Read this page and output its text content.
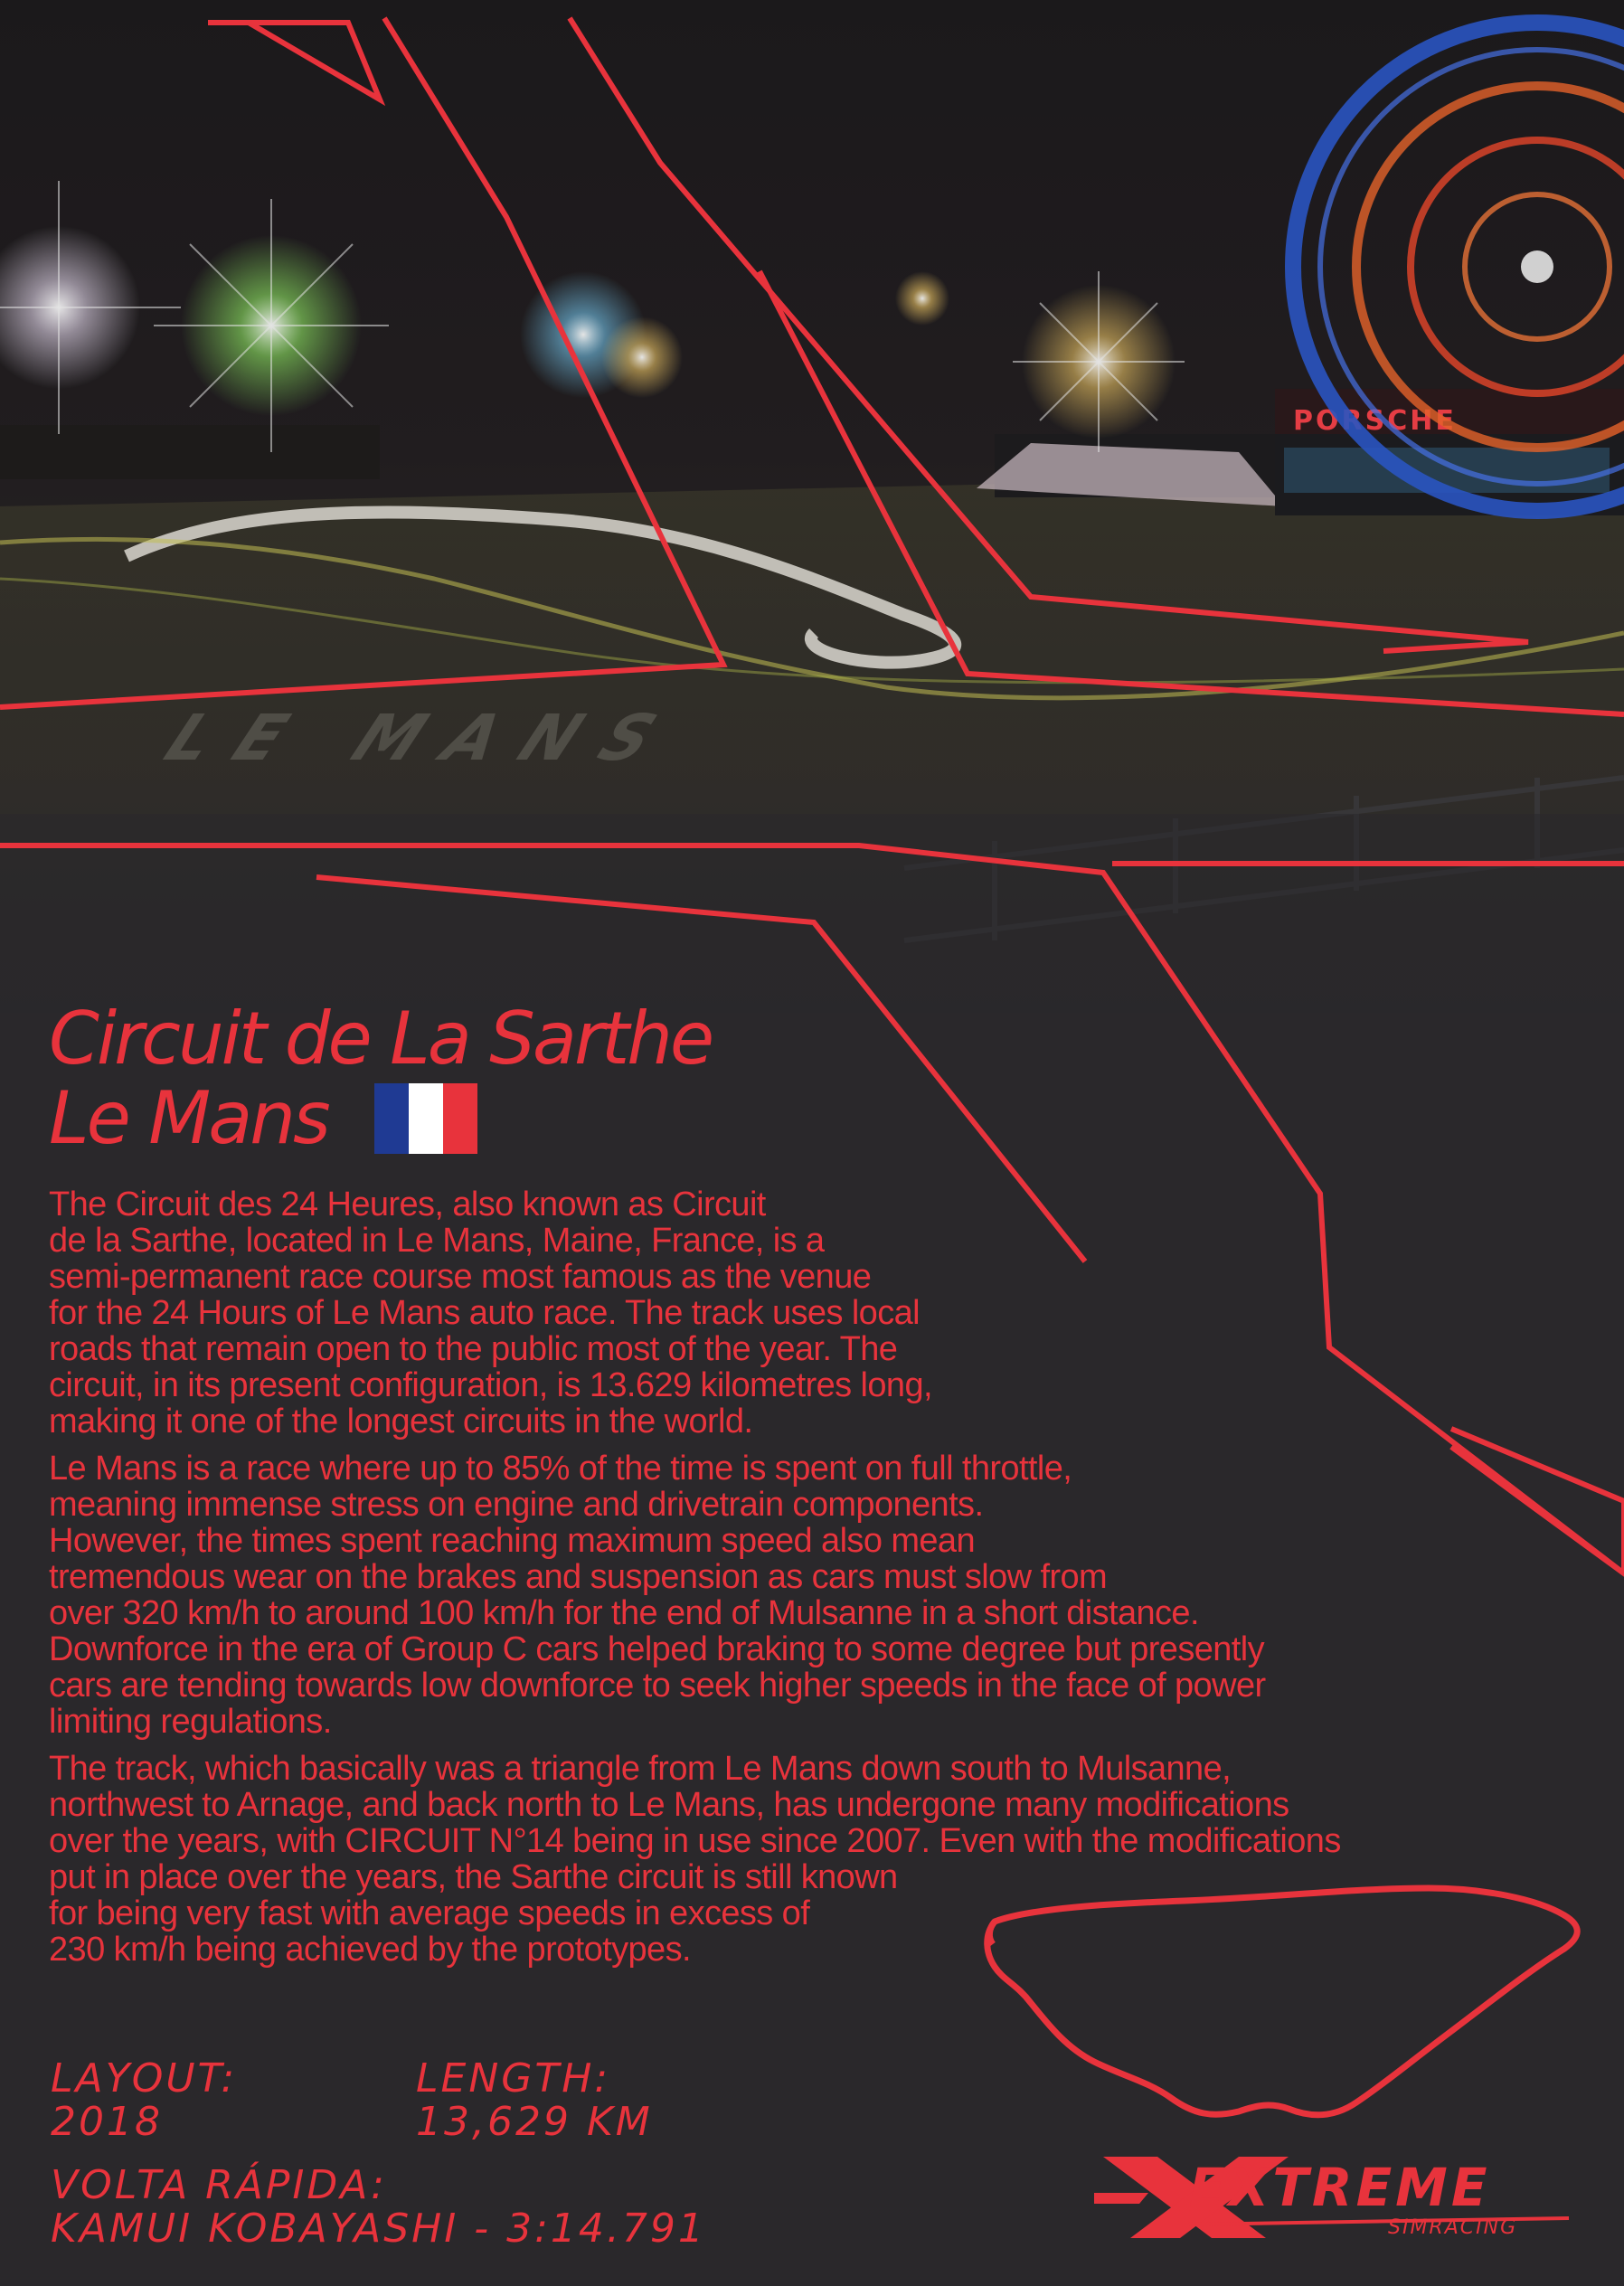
LE MANS
PORSCHE
Circuit de La Sarthe
Le Mans

The Circuit des 24 Heures, also known as Circuit
de la Sarthe, located in Le Mans, Maine, France, is a
semi-permanent race course most famous as the venue
for the 24 Hours of Le Mans auto race. The track uses local
roads that remain open to the public most of the year. The
circuit, in its present configuration, is 13.629 kilometres long,
making it one of the longest circuits in the world.

Le Mans is a race where up to 85% of the time is spent on full throttle,
meaning immense stress on engine and drivetrain components.
However, the times spent reaching maximum speed also mean
tremendous wear on the brakes and suspension as cars must slow from
over 320 km/h to around 100 km/h for the end of Mulsanne in a short distance.
Downforce in the era of Group C cars helped braking to some degree but presently
cars are tending towards low downforce to seek higher speeds in the face of power
limiting regulations.

The track, which basically was a triangle from Le Mans down south to Mulsanne,
northwest to Arnage, and back north to Le Mans, has undergone many modifications
over the years, with CIRCUIT N°14 being in use since 2007. Even with the modifications
put in place over the years, the Sarthe circuit is still known
for being very fast with average speeds in excess of
230 km/h being achieved by the prototypes.

LAYOUT:
2018
LENGTH:
13,629 KM
VOLTA RÁPIDA:
KAMUI KOBAYASHI - 3:14.791
EXTREME
SIMRACING
